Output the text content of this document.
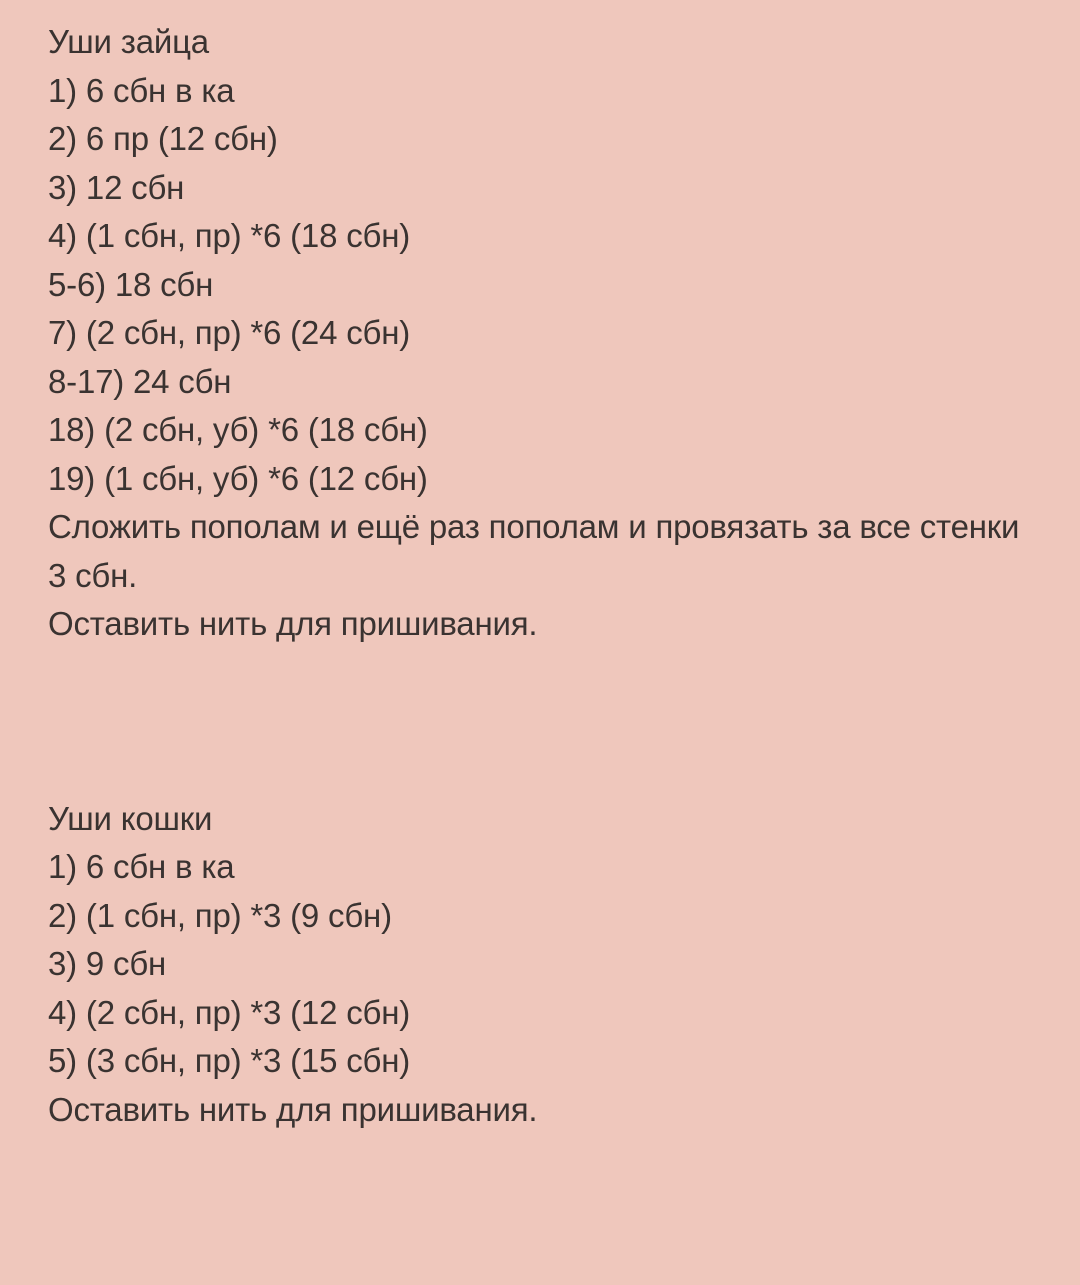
Уши зайца
1) 6 сбн в ка
2) 6 пр (12 сбн)
3) 12 сбн
4) (1 сбн, пр) *6 (18 сбн)
5-6) 18 сбн
7) (2 сбн, пр) *6 (24 сбн)
8-17) 24 сбн
18) (2 сбн, уб) *6 (18 сбн)
19) (1 сбн, уб) *6 (12 сбн)
Сложить пополам и ещё раз пополам и провязать за все стенки 3 сбн.
Оставить нить для пришивания.
Уши кошки
1) 6 сбн в ка
2) (1 сбн, пр) *3 (9 сбн)
3) 9 сбн
4) (2 сбн, пр) *3 (12 сбн)
5) (3 сбн, пр) *3 (15 сбн)
Оставить нить для пришивания.
